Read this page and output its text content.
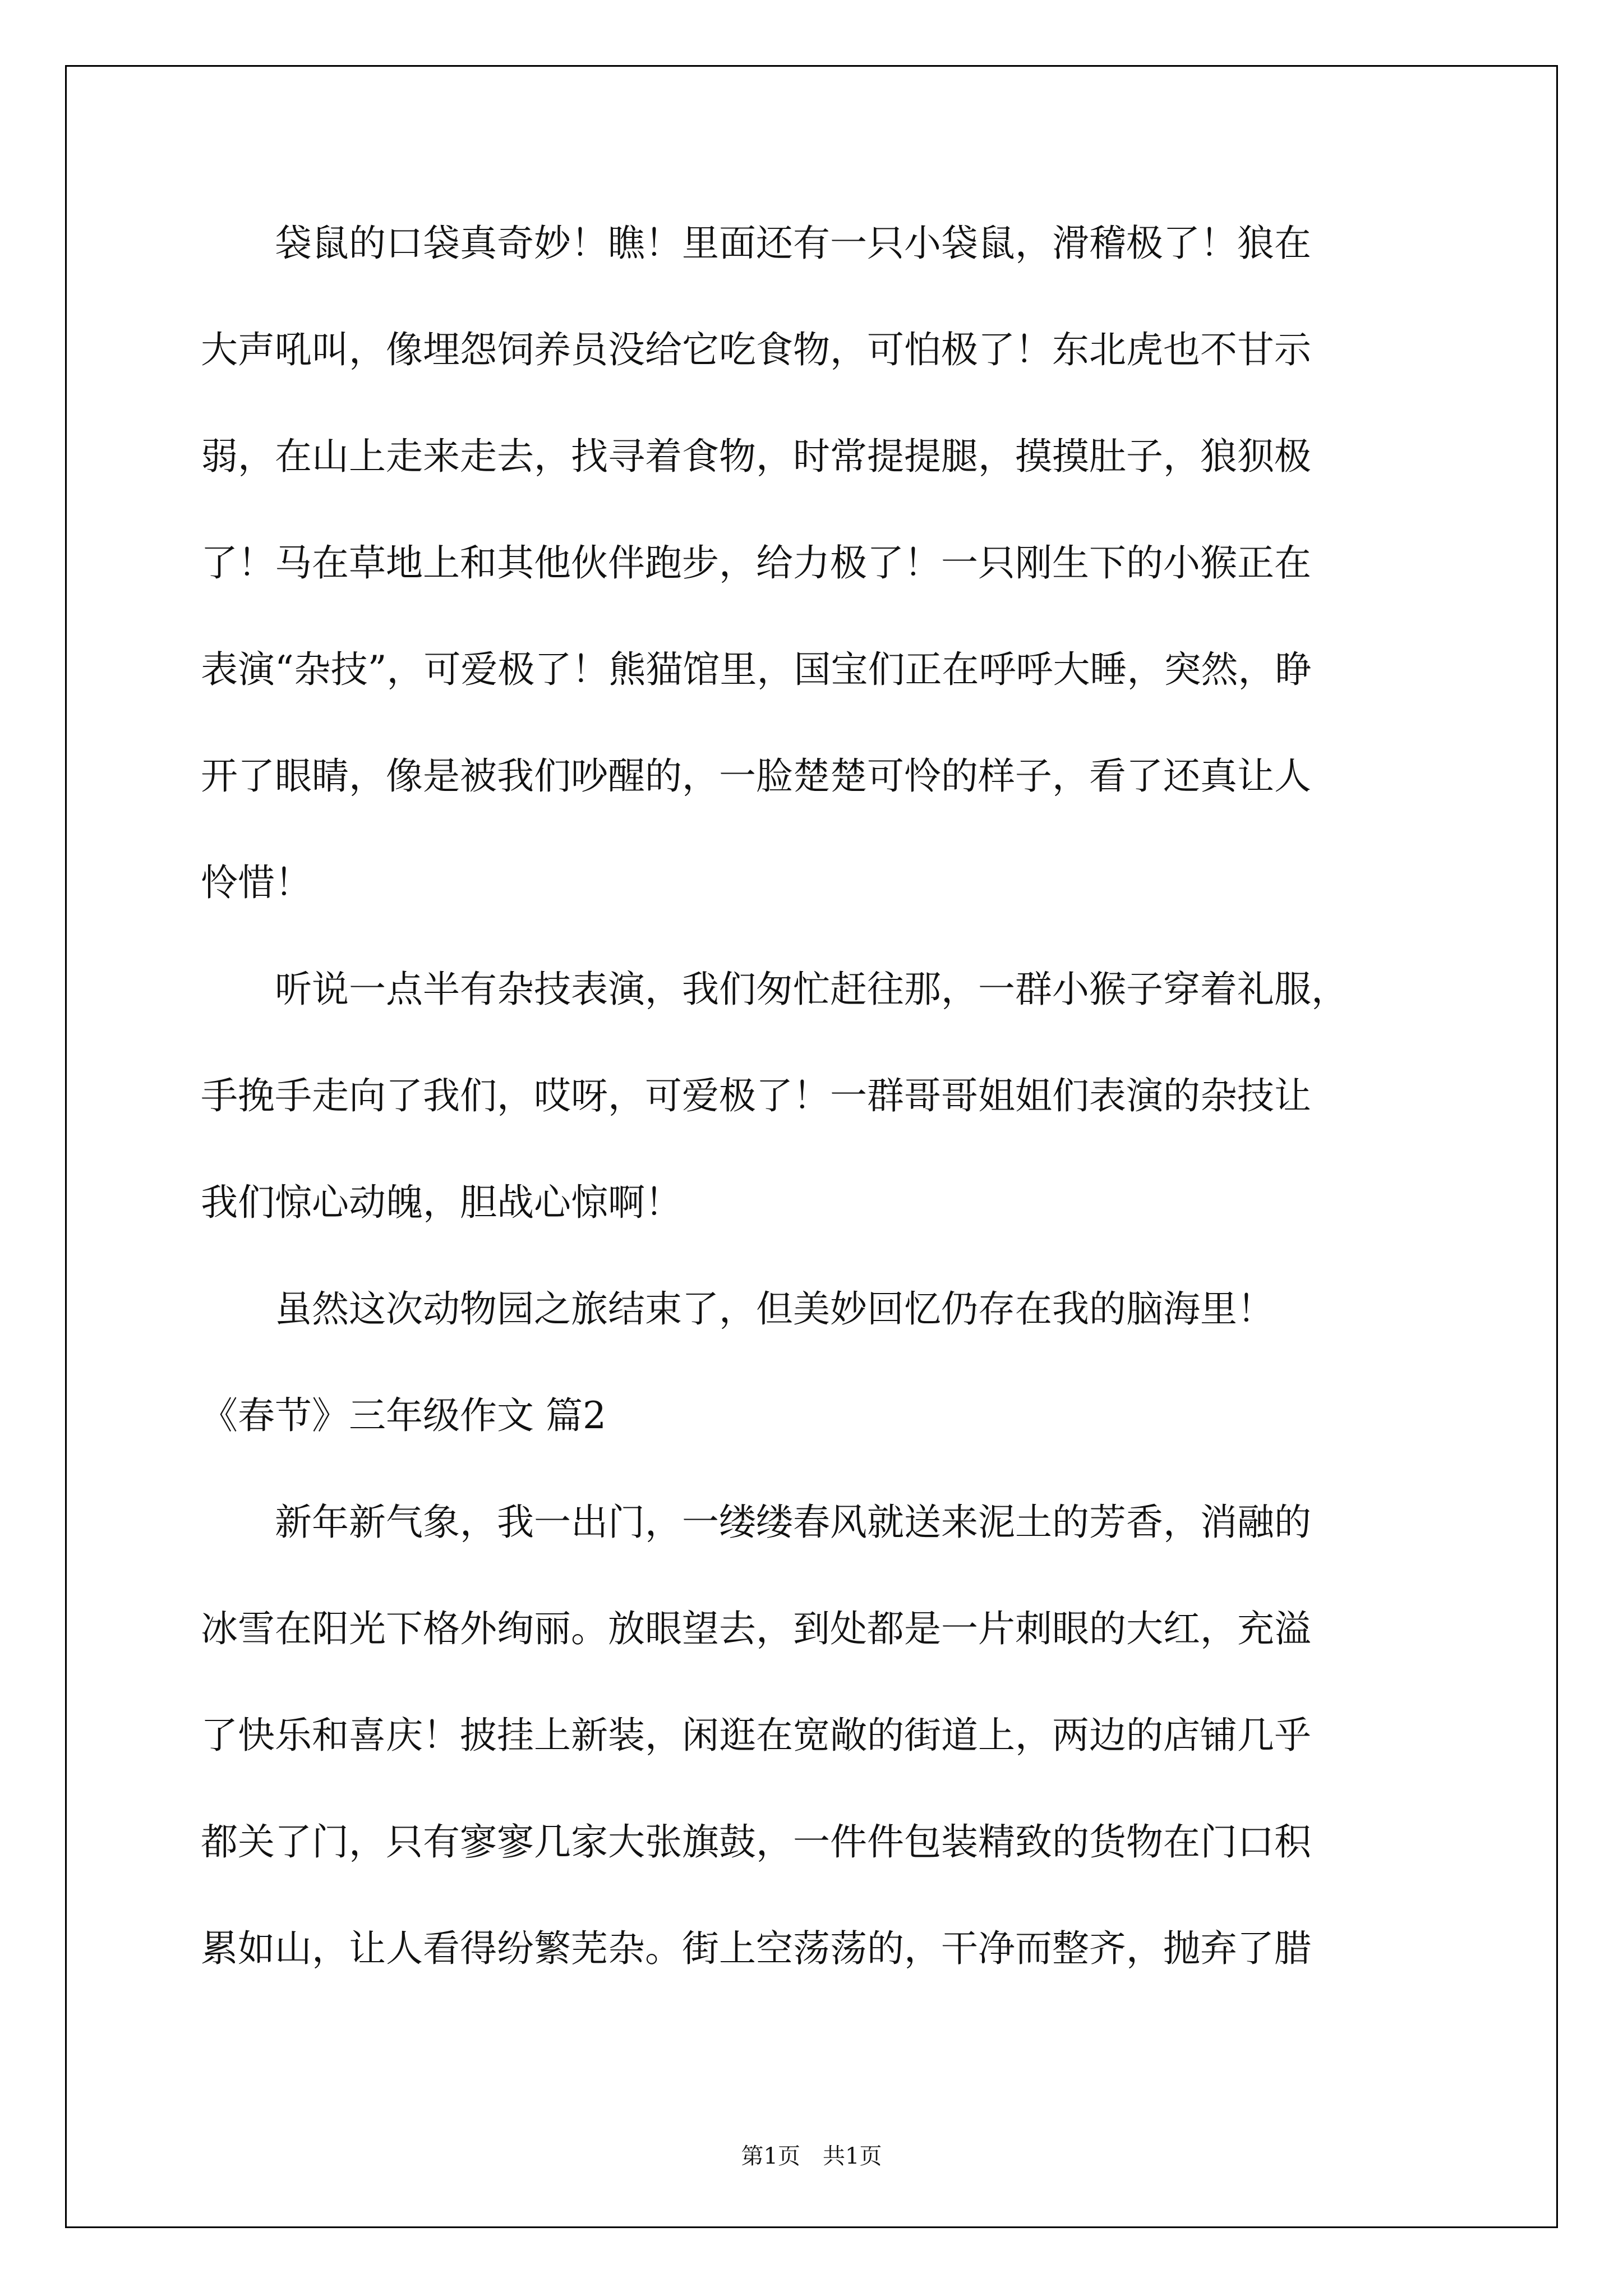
　　袋鼠的口袋真奇妙！瞧！里面还有一只小袋鼠，滑稽极了！狼在
大声吼叫，像埋怨饲养员没给它吃食物，可怕极了！东北虎也不甘示
弱，在山上走来走去，找寻着食物，时常提提腿，摸摸肚子，狼狈极
了！马在草地上和其他伙伴跑步，给力极了！一只刚生下的小猴正在
表演“杂技”，可爱极了！熊猫馆里，国宝们正在呼呼大睡，突然，睁
开了眼睛，像是被我们吵醒的，一脸楚楚可怜的样子，看了还真让人
怜惜！
　　听说一点半有杂技表演，我们匆忙赶往那，一群小猴子穿着礼服，
手挽手走向了我们，哎呀，可爱极了！一群哥哥姐姐们表演的杂技让
我们惊心动魄，胆战心惊啊！
　　虽然这次动物园之旅结束了，但美妙回忆仍存在我的脑海里！
《春节》三年级作文 篇2
　　新年新气象，我一出门，一缕缕春风就送来泥土的芳香，消融的
冰雪在阳光下格外绚丽。放眼望去，到处都是一片刺眼的大红，充溢
了快乐和喜庆！披挂上新装，闲逛在宽敞的街道上，两边的店铺几乎
都关了门，只有寥寥几家大张旗鼓，一件件包装精致的货物在门口积
累如山，让人看得纷繁芜杂。街上空荡荡的，干净而整齐，抛弃了腊
第1页　共1页
